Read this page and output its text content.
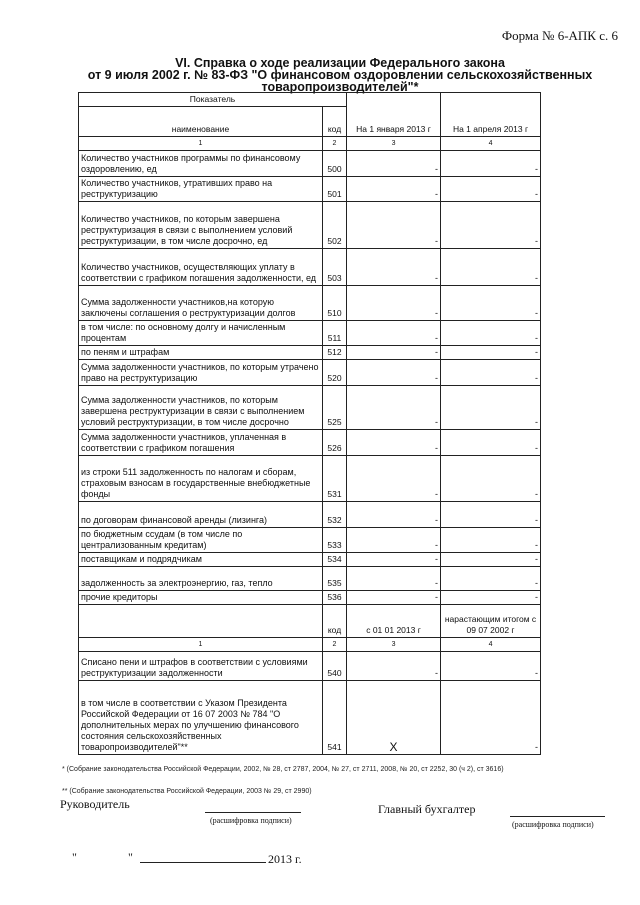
Форма № 6-АПК с. 6
VI. Справка о ходе реализации Федерального закона
от 9 июля 2002 г. № 83-ФЗ "О финансовом оздоровлении сельскохозяйственных
товаропроизводителей"*
Показатель		На 1 января 2013 г	На 1 апреля 2013 г
наименование	код		
1	2	3	4
Количество участников программы по финансовому оздоровлению, ед	500	-	-
Количество участников, утративших право на реструктуризацию	501	-	-
Количество участников, по которым завершена реструктуризация в связи с выполнением условий реструктуризации, в том числе досрочно, ед	502	-	-
Количество участников, осуществляющих уплату в соответствии с графиком погашения задолженности, ед	503	-	-
Сумма задолженности участников,на которую заключены соглашения о реструктуризации долгов	510	-	-
в том числе: по основному долгу и начисленным процентам	511	-	-
по пеням и штрафам	512	-	-
Сумма задолженности участников, по которым утрачено право на реструктуризацию	520	-	-
Сумма задолженности участников, по которым завершена реструктуризации в связи с выполнением условий реструктуризации, в том числе досрочно	525	-	-
Сумма задолженности участников, уплаченная в соответствии с графиком погашения	526	-	-
из строки 511 задолженность по налогам и сборам, страховым взносам в государственные внебюджетные фонды	531	-	-
по договорам финансовой аренды (лизинга)	532	-	-
по бюджетным ссудам (в том числе по централизованным кредитам)	533	-	-
поставщикам и подрядчикам	534	-	-
задолженность за электроэнергию, газ, тепло	535	-	-
прочие кредиторы	536	-	-
	код	с 01 01 2013 г	нарастающим итогом с 09 07 2002 г
1	2	3	4
Списано пени и штрафов в соответствии с условиями реструктуризации задолженности	540	-	-
в том числе в соответствии с Указом Президента Российской Федерации от 16 07 2003 № 784 "О дополнительных мерах по улучшению финансового состояния сельскохозяйственных товаропроизводителей"**	541	X	-
* (Собрание законодательства Российской Федерации, 2002, № 28, ст 2787, 2004, № 27, ст 2711, 2008, № 20, ст 2252, 30 (ч 2), ст 3616)
** (Собрание законодательства Российской Федерации, 2003 № 29, ст 2990)
Руководитель
(расшифровка подписи)
Главный бухгалтер
(расшифровка подписи)
"	"	2013 г.
